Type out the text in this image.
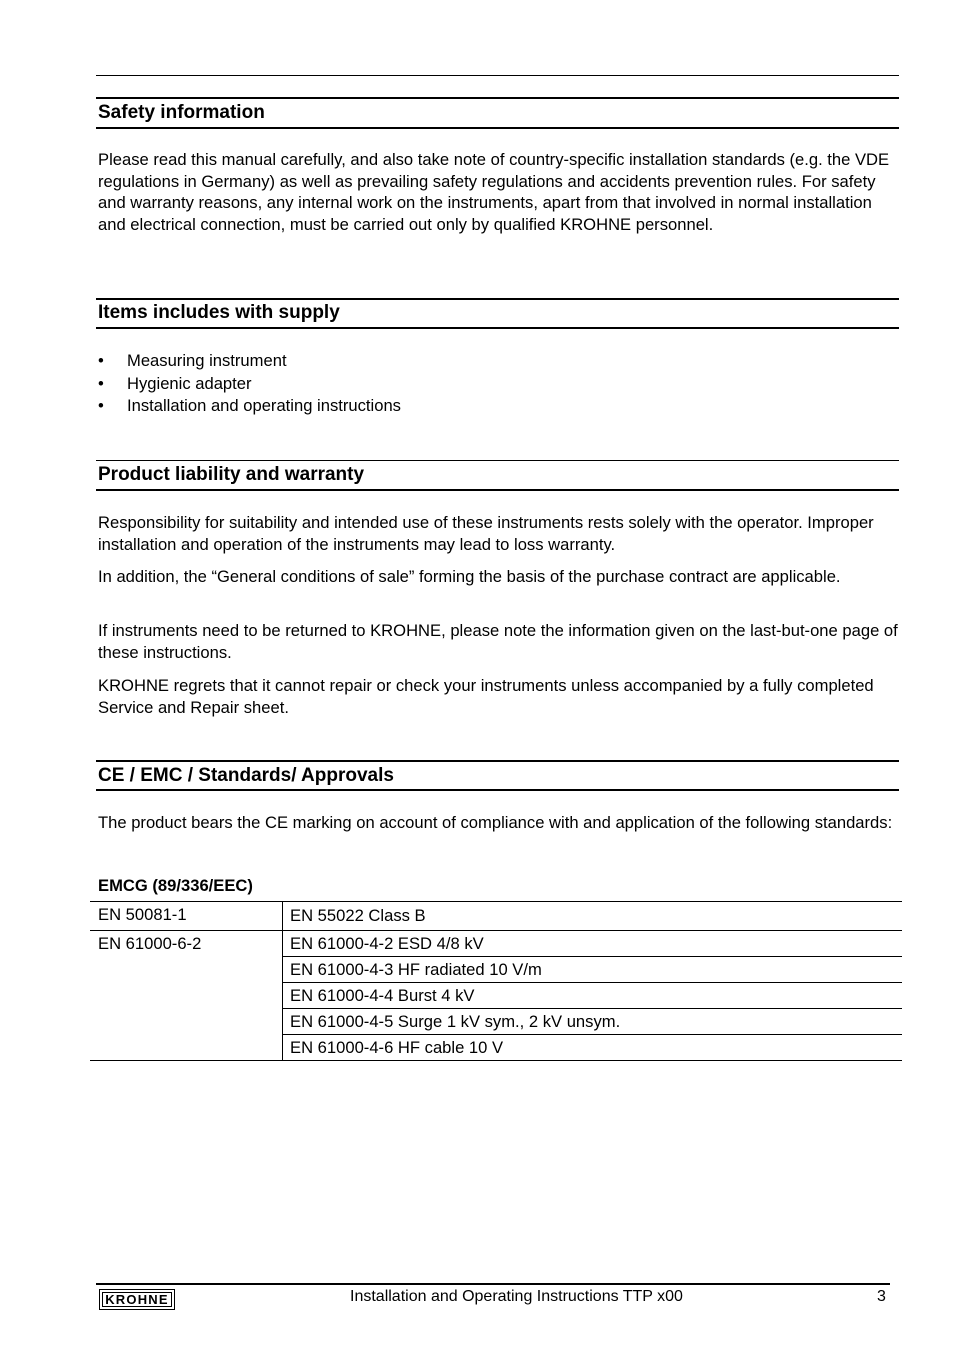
Safety information

Please read this manual carefully, and also take note of country-specific installation standards (e.g. the VDE regulations in Germany) as well as prevailing safety regulations and accidents prevention rules. For safety and warranty reasons, any internal work on the instruments, apart from that involved in normal installation and electrical connection, must be carried out only by qualified KROHNE personnel.

Items includes with supply
• Measuring instrument
• Hygienic adapter
• Installation and operating instructions
Product liability and warranty

Responsibility for suitability and intended use of these instruments rests solely with the operator. Improper installation and operation of the instruments may lead to loss warranty.

In addition, the “General conditions of sale” forming the basis of the purchase contract are applicable.

If instruments need to be returned to KROHNE, please note the information given on the last-but-one page of these instructions.

KROHNE regrets that it cannot repair or check your instruments unless accompanied by a fully completed Service and Repair sheet.

CE / EMC / Standards/ Approvals

The product bears the CE marking on account of compliance with and application of the following standards:

EMCG (89/336/EEC)
EN 50081-1	EN 55022 Class B
EN 61000-6-2	EN 61000-4-2 ESD 4/8 kV
	EN 61000-4-3 HF radiated 10 V/m
	EN 61000-4-4 Burst 4 kV
	EN 61000-4-5 Surge 1 kV sym., 2 kV unsym.
	EN 61000-4-6 HF cable 10 V
KROHNE	Installation and Operating Instructions TTP x00	3
